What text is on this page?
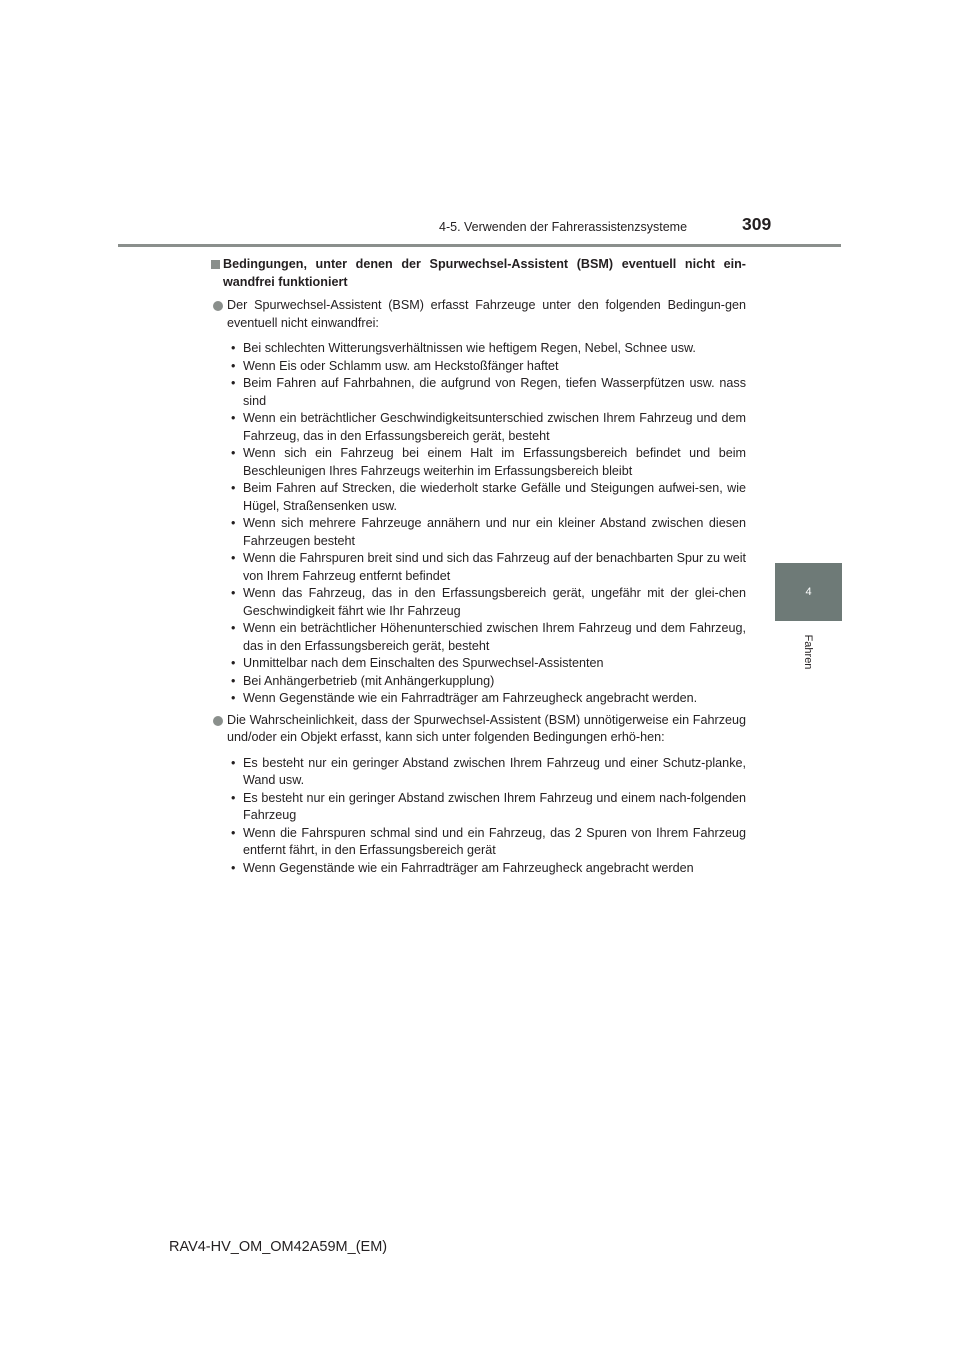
4-5. Verwenden der Fahrerassistenzsysteme	309
4
Fahren
Bedingungen, unter denen der Spurwechsel-Assistent (BSM) eventuell nicht ein-wandfrei funktioniert
Der Spurwechsel-Assistent (BSM) erfasst Fahrzeuge unter den folgenden Bedingun-gen eventuell nicht einwandfrei:
• Bei schlechten Witterungsverhältnissen wie heftigem Regen, Nebel, Schnee usw.
• Wenn Eis oder Schlamm usw. am Heckstoßfänger haftet
• Beim Fahren auf Fahrbahnen, die aufgrund von Regen, tiefen Wasserpfützen usw. nass sind
• Wenn ein beträchtlicher Geschwindigkeitsunterschied zwischen Ihrem Fahrzeug und dem Fahrzeug, das in den Erfassungsbereich gerät, besteht
• Wenn sich ein Fahrzeug bei einem Halt im Erfassungsbereich befindet und beim Beschleunigen Ihres Fahrzeugs weiterhin im Erfassungsbereich bleibt
• Beim Fahren auf Strecken, die wiederholt starke Gefälle und Steigungen aufwei-sen, wie Hügel, Straßensenken usw.
• Wenn sich mehrere Fahrzeuge annähern und nur ein kleiner Abstand zwischen diesen Fahrzeugen besteht
• Wenn die Fahrspuren breit sind und sich das Fahrzeug auf der benachbarten Spur zu weit von Ihrem Fahrzeug entfernt befindet
• Wenn das Fahrzeug, das in den Erfassungsbereich gerät, ungefähr mit der glei-chen Geschwindigkeit fährt wie Ihr Fahrzeug
• Wenn ein beträchtlicher Höhenunterschied zwischen Ihrem Fahrzeug und dem Fahrzeug, das in den Erfassungsbereich gerät, besteht
• Unmittelbar nach dem Einschalten des Spurwechsel-Assistenten
• Bei Anhängerbetrieb (mit Anhängerkupplung)
• Wenn Gegenstände wie ein Fahrradträger am Fahrzeugheck angebracht werden.
Die Wahrscheinlichkeit, dass der Spurwechsel-Assistent (BSM) unnötigerweise ein Fahrzeug und/oder ein Objekt erfasst, kann sich unter folgenden Bedingungen erhö-hen:
• Es besteht nur ein geringer Abstand zwischen Ihrem Fahrzeug und einer Schutz-planke, Wand usw.
• Es besteht nur ein geringer Abstand zwischen Ihrem Fahrzeug und einem nach-folgenden Fahrzeug
• Wenn die Fahrspuren schmal sind und ein Fahrzeug, das 2 Spuren von Ihrem Fahrzeug entfernt fährt, in den Erfassungsbereich gerät
• Wenn Gegenstände wie ein Fahrradträger am Fahrzeugheck angebracht werden
RAV4-HV_OM_OM42A59M_(EM)
